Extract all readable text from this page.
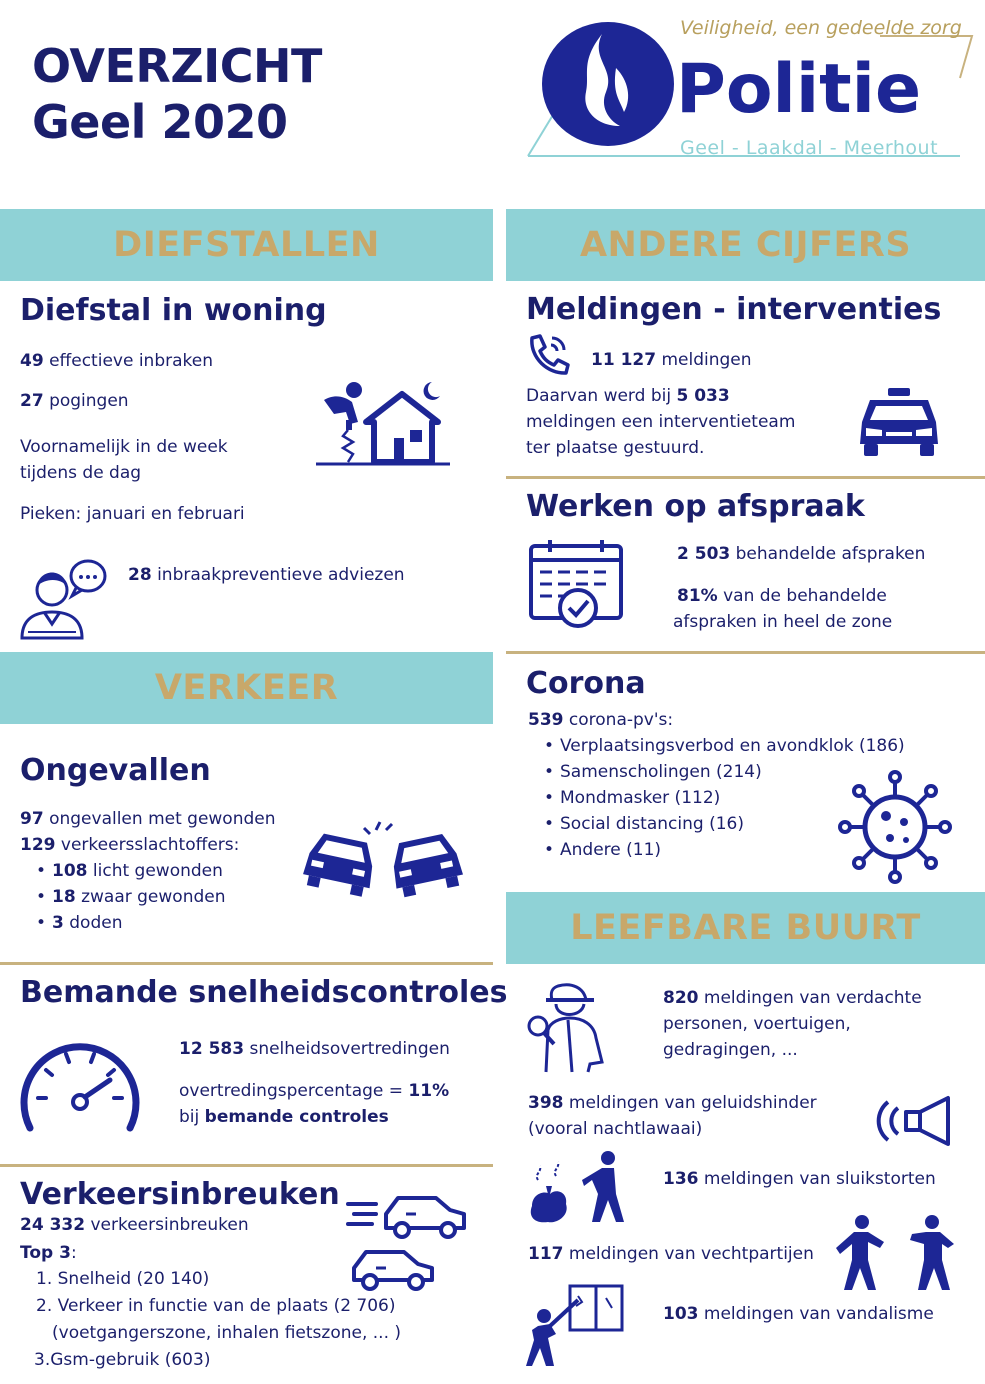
OVERZICHT
Geel 2020
Veiligheid, een gedeelde zorg
Politie
Geel - Laakdal - Meerhout
DIEFSTALLEN
Diefstal in woning
49 effectieve inbraken
27 pogingen
Voornamelijk in de week
tijdens de dag
Pieken: januari en februari
28 inbraakpreventieve adviezen
VERKEER
Ongevallen
97 ongevallen met gewonden
129 verkeersslachtoffers:
• 108 licht gewonden
• 18 zwaar gewonden
• 3 doden
Bemande snelheidscontroles
12 583 snelheidsovertredingen
overtredingspercentage = 11%
bij bemande controles
Verkeersinbreuken
24 332 verkeersinbreuken
Top 3:
1. Snelheid (20 140)
2. Verkeer in functie van de plaats (2 706)
(voetgangerszone, inhalen fietszone, ... )
3.Gsm-gebruik (603)
ANDERE CIJFERS
Meldingen - interventies
11 127 meldingen
Daarvan werd bij 5 033
meldingen een interventieteam
ter plaatse gestuurd.
Werken op afspraak
2 503 behandelde afspraken
81% van de behandelde
afspraken in heel de zone
Corona
539 corona-pv's:
• Verplaatsingsverbod en avondklok (186)
• Samenscholingen (214)
• Mondmasker (112)
• Social distancing (16)
• Andere (11)
LEEFBARE BUURT
820 meldingen van verdachte
personen, voertuigen,
gedragingen, ...
398 meldingen van geluidshinder
(vooral nachtlawaai)
136 meldingen van sluikstorten
117 meldingen van vechtpartijen
103 meldingen van vandalisme
